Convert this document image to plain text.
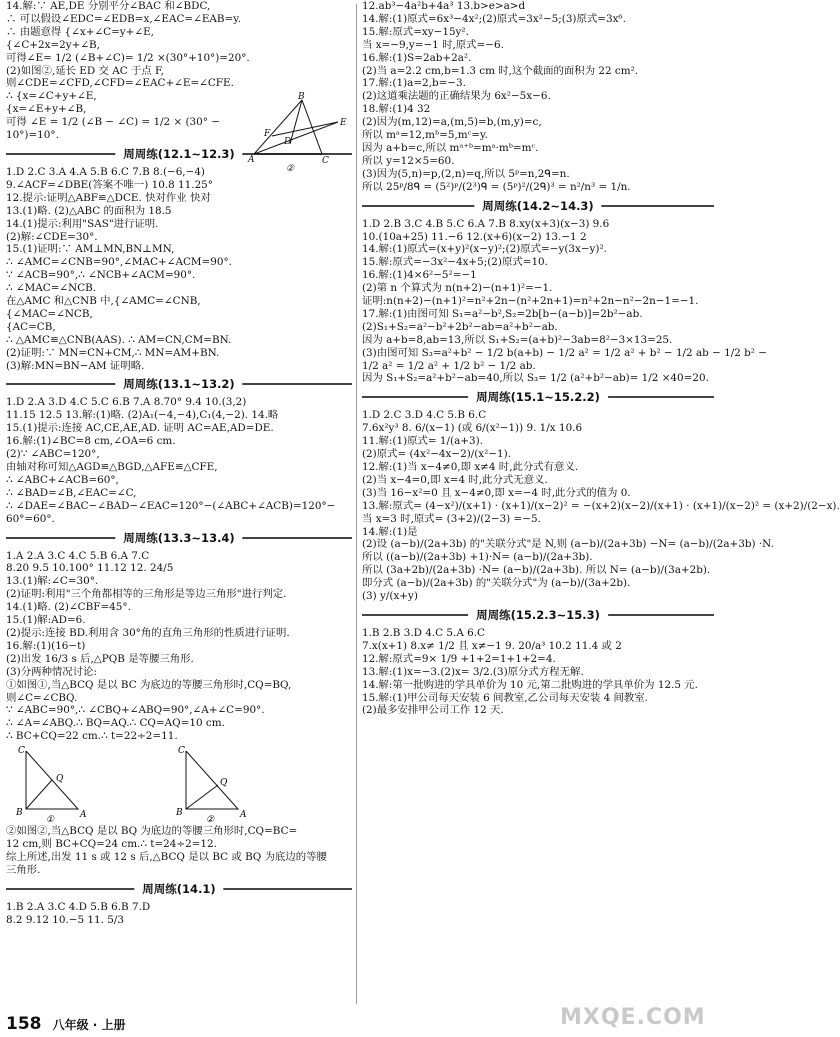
14.解:∵ AE,DE 分别平分∠BAC 和∠BDC,
∴ 可以假设∠EDC=∠EDB=x,∠EAC=∠EAB=y.
∴ 由题意得 {∠x+∠C=y+∠E,
{∠C+2x=2y+∠B,
可得∠E= 1/2 (∠B+∠C)= 1/2 ×(30°+10°)=20°.
(2)如图②,延长 ED 交 AC 于点 F,
则∠CDE=∠CFD,∠CFD=∠EAC+∠E=∠CFE.
∴ {x=∠C+y+∠E,
{x=∠E+y+∠B,
可得 ∠E = 1/2 (∠B − ∠C) = 1/2 × (30° −
10°)=10°.
周周练(12.1~12.3)
1.D 2.C 3.A 4.A 5.B 6.C 7.B 8.(−6,−4)
9.∠ACF=∠DBE(答案不唯一) 10.8 11.25°
12.提示:证明△ABF≌△DCE. 快对作业 快对
13.(1)略. (2)△ABC 的面积为 18.5
14.(1)提示:利用"SAS"进行证明.
(2)解:∠CDE=30°.
15.(1)证明:∵ AM⊥MN,BN⊥MN,
∴ ∠AMC=∠CNB=90°,∠MAC+∠ACM=90°.
∵ ∠ACB=90°,∴ ∠NCB+∠ACM=90°.
∴ ∠MAC=∠NCB.
在△AMC 和△CNB 中,{∠AMC=∠CNB,
{∠MAC=∠NCB,
{AC=CB,
∴ △AMC≌△CNB(AAS). ∴ AM=CN,CM=BN.
(2)证明:∵ MN=CN+CM,∴ MN=AM+BN.
(3)解:MN=BN−AM 证明略.
周周练(13.1~13.2)
1.D 2.A 3.D 4.C 5.C 6.B 7.A 8.70° 9.4 10.(3,2)
11.15 12.5 13.解:(1)略. (2)A₁(−4,−4),C₁(4,−2). 14.略
15.(1)提示:连接 AC,CE,AE,AD. 证明 AC=AE,AD=DE.
16.解:(1)∠BC=8 cm,∠OA=6 cm.
(2)∵ ∠ABC=120°,
由轴对称可知△AGD≌△BGD,△AFE≌△CFE,
∴ ∠ABC+∠ACB=60°,
∴ ∠BAD=∠B,∠EAC=∠C,
∴ ∠DAE=∠BAC−∠BAD−∠EAC=120°−(∠ABC+∠ACB)=120°−
60°=60°.
周周练(13.3~13.4)
1.A 2.A 3.C 4.C 5.B 6.A 7.C
8.20 9.5 10.100° 11.12 12. 24/5
13.(1)解:∠C=30°.
(2)证明:利用"三个角都相等的三角形是等边三角形"进行判定.
14.(1)略. (2)∠CBF=45°.
15.(1)解:AD=6.
(2)提示:连接 BD.利用含 30°角的直角三角形的性质进行证明.
16.解:(1)(16−t)
(2)出发 16/3 s 后,△PQB 是等腰三角形.
(3)分两种情况讨论:
①如图①,当△BCQ 是以 BC 为底边的等腰三角形时,CQ=BQ,
则∠C=∠CBQ.
∵ ∠ABC=90°,∴ ∠CBQ+∠ABQ=90°,∠A+∠C=90°.
∴ ∠A=∠ABQ.∴ BQ=AQ.∴ CQ=AQ=10 cm.
∴ BC+CQ=22 cm.∴ t=22÷2=11.
C
Q
B	A
①
C
Q
B	A
②
②如图②,当△BCQ 是以 BQ 为底边的等腰三角形时,CQ=BC=
12 cm,则 BC+CQ=24 cm.∴ t=24÷2=12.
综上所述,出发 11 s 或 12 s 后,△BCQ 是以 BC 或 BQ 为底边的等腰
三角形.
周周练(14.1)
1.B 2.A 3.C 4.D 5.B 6.B 7.D
8.2 9.12 10.−5 11. 5/3
12.ab³−4a²b+4a³ 13.b>e>a>d
14.解:(1)原式=6x³−4x²;(2)原式=3x²−5;(3)原式=3x⁶.
15.解:原式=xy−15y².
当 x=−9,y=−1 时,原式=−6.
16.解:(1)S=2ab+2a².
(2)当 a=2.2 cm,b=1.3 cm 时,这个截面的面积为 22 cm².
17.解:(1)a=2,b=−3.
(2)这道乘法题的正确结果为 6x²−5x−6.
18.解:(1)4 32
(2)因为(m,12)=a,(m,5)=b,(m,y)=c,
所以 mᵃ=12,mᵇ=5,mᶜ=y.
因为 a+b=c,所以 mᵃ⁺ᵇ=mᵃ·mᵇ=mᶜ.
所以 y=12×5=60.
(3)因为(5,n)=p,(2,n)=q,所以 5ᵖ=n,2ᑫ=n.
所以 25ᵖ/8ᑫ = (5²)ᵖ/(2³)ᑫ = (5ᵖ)²/(2ᑫ)³ = n²/n³ = 1/n.
周周练(14.2~14.3)
1.D 2.B 3.C 4.B 5.C 6.A 7.B 8.xy(x+3)(x−3) 9.6
10.(10a+25) 11.−6 12.(x+6)(x−2) 13.−1 2
14.解:(1)原式=(x+y)²(x−y)²;(2)原式=−y(3x−y)².
15.解:原式=−3x²−4x+5;(2)原式=10.
16.解:(1)4×6²−5²=−1
(2)第 n 个算式为 n(n+2)−(n+1)²=−1.
证明:n(n+2)−(n+1)²=n²+2n−(n²+2n+1)=n²+2n−n²−2n−1=−1.
17.解:(1)由图可知 S₁=a²−b²,S₂=2b[b−(a−b)]=2b²−ab.
(2)S₁+S₂=a²−b²+2b²−ab=a²+b²−ab.
因为 a+b=8,ab=13,所以 S₁+S₂=(a+b)²−3ab=8²−3×13=25.
(3)由图可知 S₃=a²+b² − 1/2 b(a+b) − 1/2 a² = 1/2 a² + b² − 1/2 ab − 1/2 b² −
1/2 a² = 1/2 a² + 1/2 b² − 1/2 ab.
因为 S₁+S₂=a²+b²−ab=40,所以 S₃= 1/2 (a²+b²−ab)= 1/2 ×40=20.
周周练(15.1~15.2.2)
1.D 2.C 3.D 4.C 5.B 6.C
7.6x²y³ 8. 6/(x−1) (或 6/(x²−1)) 9. 1/x 10.6
11.解:(1)原式= 1/(a+3).
(2)原式= (4x²−4x−2)/(x²−1).
12.解:(1)当 x−4≠0,即 x≠4 时,此分式有意义.
(2)当 x−4=0,即 x=4 时,此分式无意义.
(3)当 16−x²=0 且 x−4≠0,即 x=−4 时,此分式的值为 0.
13.解:原式= (4−x²)/(x+1) · (x+1)/(x−2)² = −(x+2)(x−2)/(x+1) · (x+1)/(x−2)² = (x+2)/(2−x).
当 x=3 时,原式= (3+2)/(2−3) =−5.
14.解:(1)是
(2)设 (a−b)/(2a+3b) 的"关联分式"是 N,则 (a−b)/(2a+3b) −N= (a−b)/(2a+3b) ·N.
所以 ((a−b)/(2a+3b) +1)·N= (a−b)/(2a+3b).
所以 (3a+2b)/(2a+3b) ·N= (a−b)/(2a+3b). 所以 N= (a−b)/(3a+2b).
即分式 (a−b)/(2a+3b) 的"关联分式"为 (a−b)/(3a+2b).
(3) y/(x+y)
周周练(15.2.3~15.3)
1.B 2.B 3.D 4.C 5.A 6.C
7.x(x+1) 8.x≠ 1/2 且 x≠−1 9. 20/a³ 10.2 11.4 或 2
12.解:原式=9× 1/9 +1+2=1+1+2=4.
13.解:(1)x=−3.(2)x= 3/2.(3)原分式方程无解.
14.解:第一批购进的学具单价为 10 元,第二批购进的学具单价为 12.5 元.
15.解:(1)甲公司每天安装 6 间教室,乙公司每天安装 4 间教室.
(2)最多安排甲公司工作 12 天.
B
E
F
D
A	C
②
158 八年级 · 上册	MXQE.COM
